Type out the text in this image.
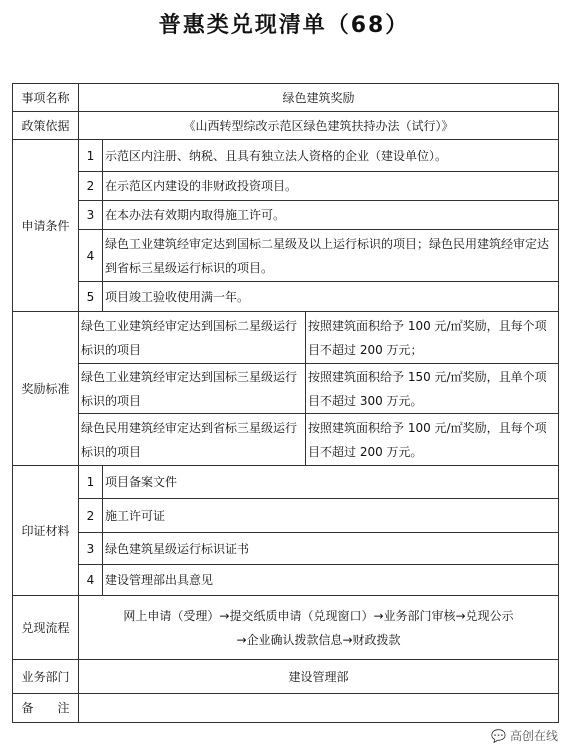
普惠类兑现清单（68）
事项名称	绿色建筑奖励		
政策依据	《山西转型综改示范区绿色建筑扶持办法（试行）》		
申请条件	1	示范区内注册、纳税、且具有独立法人资格的企业（建设单位）。	
	2	在示范区内建设的非财政投资项目。	
	3	在本办法有效期内取得施工许可。	
	4	绿色工业建筑经审定达到国标二星级及以上运行标识的项目；绿色民用建筑经审定达到省标三星级运行标识的项目。	
	5	项目竣工验收使用满一年。	
奖励标准	绿色工业建筑经审定达到国标二星级运行标识的项目		按照建筑面积给予 100 元/㎡奖励，且每个项目不超过 200 万元；
	绿色工业建筑经审定达到国标三星级运行标识的项目		按照建筑面积给予 150 元/㎡奖励，且单个项目不超过 300 万元。
	绿色民用建筑经审定达到省标三星级运行标识的项目		按照建筑面积给予 100 元/㎡奖励，且每个项目不超过 200 万元。
印证材料	1	项目备案文件	
	2	施工许可证	
	3	绿色建筑星级运行标识证书	
	4	建设管理部出具意见	
兑现流程	网上申请（受理）→提交纸质申请（兑现窗口）→业务部门审核→兑现公示
→企业确认拨款信息→财政拨款		

业务部门	建设管理部		
备　　注			
💬 高创在线
